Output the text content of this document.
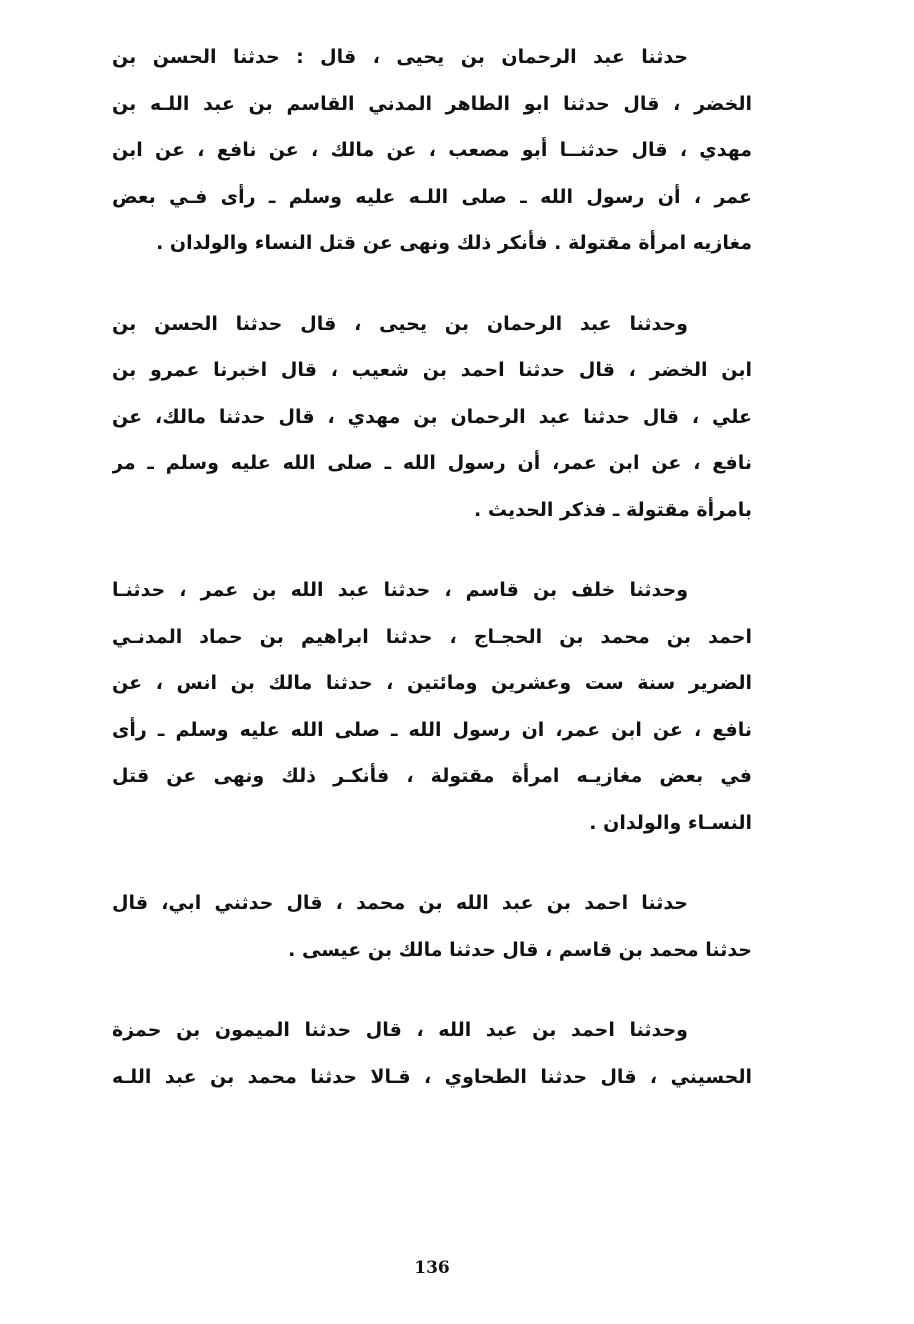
حدثنا عبد الرحمان بن يحيى ، قال : حدثنا الحسن بن
الخضر ، قال حدثنا ابو الطاهر المدني القاسم بن عبد اللـه بن
مهدي ، قال حدثنــا أبو مصعب ، عن مالك ، عن نافع ، عن ابن
عمر ، أن رسول الله ـ صلى اللـه عليه وسلم ـ رأى فـي بعض
مغازيه امرأة مقتولة . فأنكر ذلك ونهى عن قتل النساء والولدان .

وحدثنا عبد الرحمان بن يحيى ، قال حدثنا الحسن بن
ابن الخضر ، قال حدثنا احمد بن شعيب ، قال اخبرنا عمرو بن
علي ، قال حدثنا عبد الرحمان بن مهدي ، قال حدثنا مالك، عن
نافع ، عن ابن عمر، أن رسول الله ـ صلى الله عليه وسلم ـ مر
بامرأة مقتولة ـ فذكر الحديث .

وحدثنا خلف بن قاسم ، حدثنا عبد الله بن عمر ، حدثنـا
احمد بن محمد بن الحجـاج ، حدثنا ابراهيم بن حماد المدنـي
الضرير سنة ست وعشرين ومائتين ، حدثنا مالك بن انس ، عن
نافع ، عن ابن عمر، ان رسول الله ـ صلى الله عليه وسلم ـ رأى
في بعض مغازيـه امرأة مقتولة ، فأنكـر ذلك ونهى عن قتل
النسـاء والولدان .

حدثنا احمد بن عبد الله بن محمد ، قال حدثني ابي، قال
حدثنا محمد بن قاسم ، قال حدثنا مالك بن عيسى .

وحدثنا احمد بن عبد الله ، قال حدثنا الميمون بن حمزة
الحسيني ، قال حدثنا الطحاوي ، قـالا حدثنا محمد بن عبد اللـه

136
